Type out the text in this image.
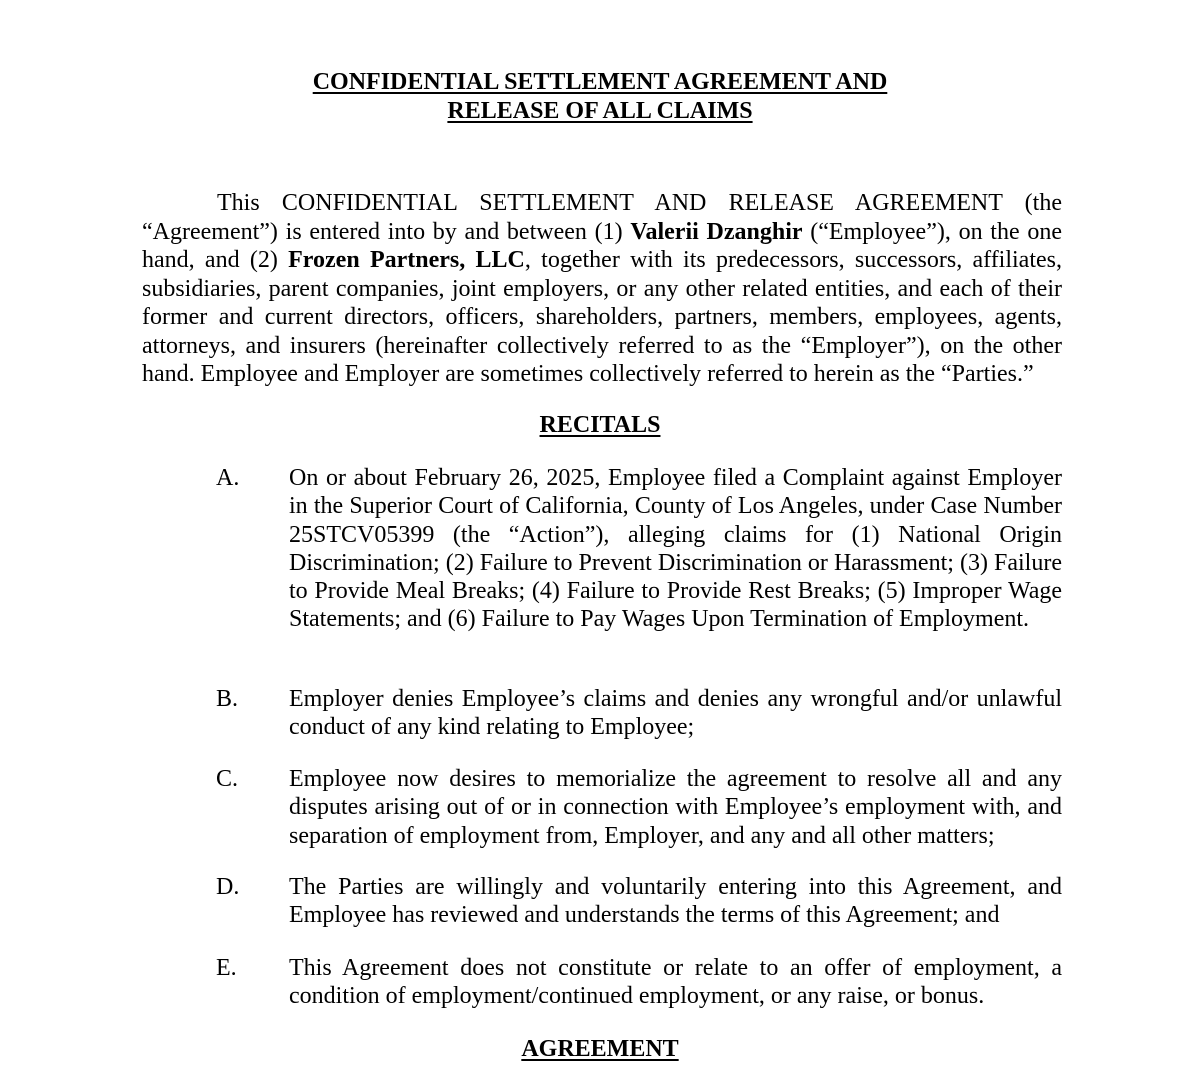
CONFIDENTIAL SETTLEMENT AGREEMENT AND
RELEASE OF ALL CLAIMS

This CONFIDENTIAL SETTLEMENT AND RELEASE AGREEMENT (the “Agreement”) is entered into by and between (1) Valerii Dzanghir (“Employee”), on the one hand, and (2) Frozen Partners, LLC, together with its predecessors, successors, affiliates, subsidiaries, parent companies, joint employers, or any other related entities, and each of their former and current directors, officers, shareholders, partners, members, employees, agents, attorneys, and insurers (hereinafter collectively referred to as the “Employer”), on the other hand. Employee and Employer are sometimes collectively referred to herein as the “Parties.”

RECITALS
A. On or about February 26, 2025, Employee filed a Complaint against Employer in the Superior Court of California, County of Los Angeles, under Case Number 25STCV05399 (the “Action”), alleging claims for (1) National Origin Discrimination; (2) Failure to Prevent Discrimination or Harassment; (3) Failure to Provide Meal Breaks; (4) Failure to Provide Rest Breaks; (5) Improper Wage Statements; and (6) Failure to Pay Wages Upon Termination of Employment.
B. Employer denies Employee’s claims and denies any wrongful and/or unlawful conduct of any kind relating to Employee;
C. Employee now desires to memorialize the agreement to resolve all and any disputes arising out of or in connection with Employee’s employment with, and separation of employment from, Employer, and any and all other matters;
D. The Parties are willingly and voluntarily entering into this Agreement, and Employee has reviewed and understands the terms of this Agreement; and
E. This Agreement does not constitute or relate to an offer of employment, a condition of employment/continued employment, or any raise, or bonus.
AGREEMENT
